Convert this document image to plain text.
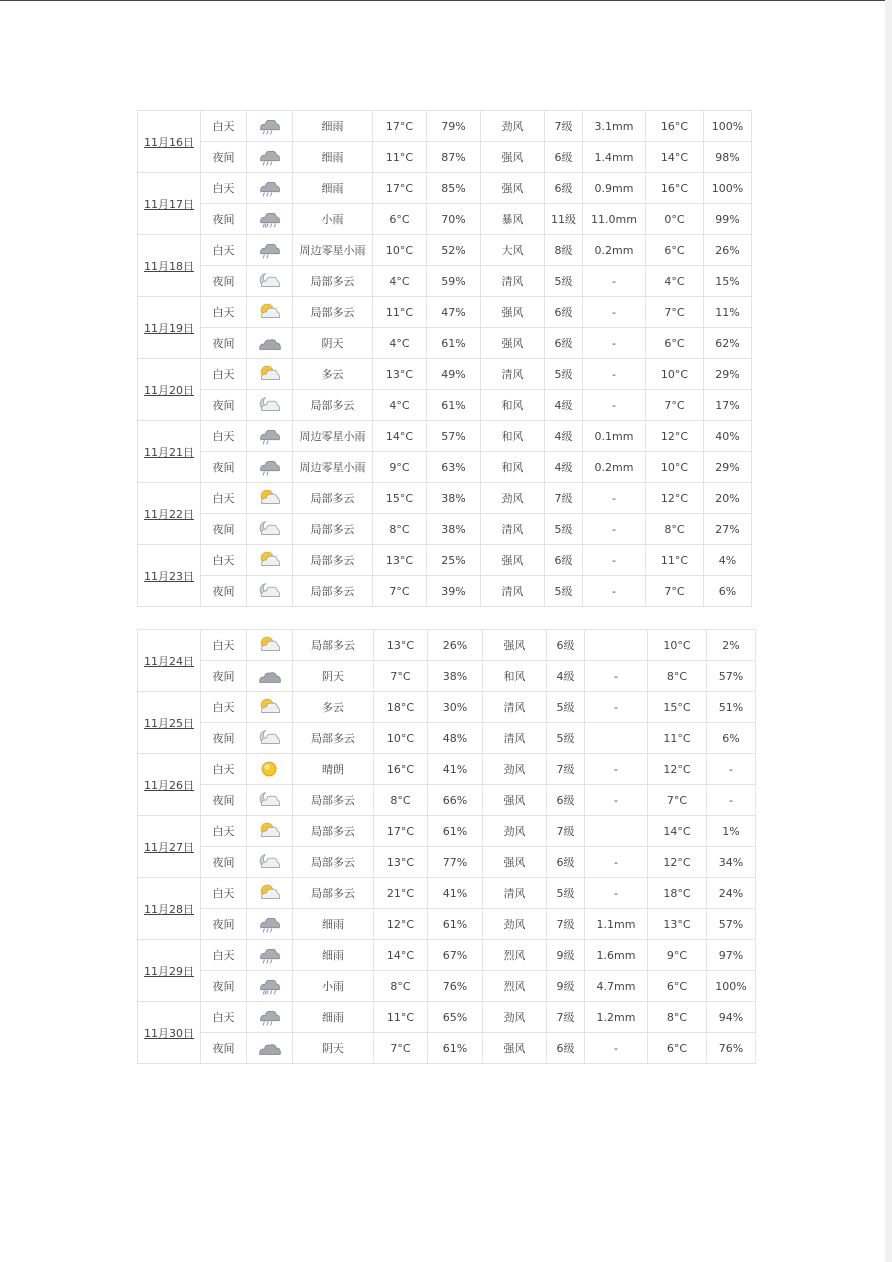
11月16日	白天		细雨	17°C	79%	劲风	7级	3.1mm	16°C	100%
	夜间		细雨	11°C	87%	强风	6级	1.4mm	14°C	98%
11月17日	白天		细雨	17°C	85%	强风	6级	0.9mm	16°C	100%
	夜间		小雨	6°C	70%	暴风	11级	11.0mm	0°C	99%
11月18日	白天		周边零星小雨	10°C	52%	大风	8级	0.2mm	6°C	26%
	夜间		局部多云	4°C	59%	清风	5级	-	4°C	15%
11月19日	白天		局部多云	11°C	47%	强风	6级	-	7°C	11%
	夜间		阴天	4°C	61%	强风	6级	-	6°C	62%
11月20日	白天		多云	13°C	49%	清风	5级	-	10°C	29%
	夜间		局部多云	4°C	61%	和风	4级	-	7°C	17%
11月21日	白天		周边零星小雨	14°C	57%	和风	4级	0.1mm	12°C	40%
	夜间		周边零星小雨	9°C	63%	和风	4级	0.2mm	10°C	29%
11月22日	白天		局部多云	15°C	38%	劲风	7级	-	12°C	20%
	夜间		局部多云	8°C	38%	清风	5级	-	8°C	27%
11月23日	白天		局部多云	13°C	25%	强风	6级	-	11°C	4%
	夜间		局部多云	7°C	39%	清风	5级	-	7°C	6%
11月24日	白天		局部多云	13°C	26%	强风	6级		10°C	2%
	夜间		阴天	7°C	38%	和风	4级	-	8°C	57%
11月25日	白天		多云	18°C	30%	清风	5级	-	15°C	51%
	夜间		局部多云	10°C	48%	清风	5级		11°C	6%
11月26日	白天		晴朗	16°C	41%	劲风	7级	-	12°C	-
	夜间		局部多云	8°C	66%	强风	6级	-	7°C	-
11月27日	白天		局部多云	17°C	61%	劲风	7级		14°C	1%
	夜间		局部多云	13°C	77%	强风	6级	-	12°C	34%
11月28日	白天		局部多云	21°C	41%	清风	5级	-	18°C	24%
	夜间		细雨	12°C	61%	劲风	7级	1.1mm	13°C	57%
11月29日	白天		细雨	14°C	67%	烈风	9级	1.6mm	9°C	97%
	夜间		小雨	8°C	76%	烈风	9级	4.7mm	6°C	100%
11月30日	白天		细雨	11°C	65%	劲风	7级	1.2mm	8°C	94%
	夜间		阴天	7°C	61%	强风	6级	-	6°C	76%
